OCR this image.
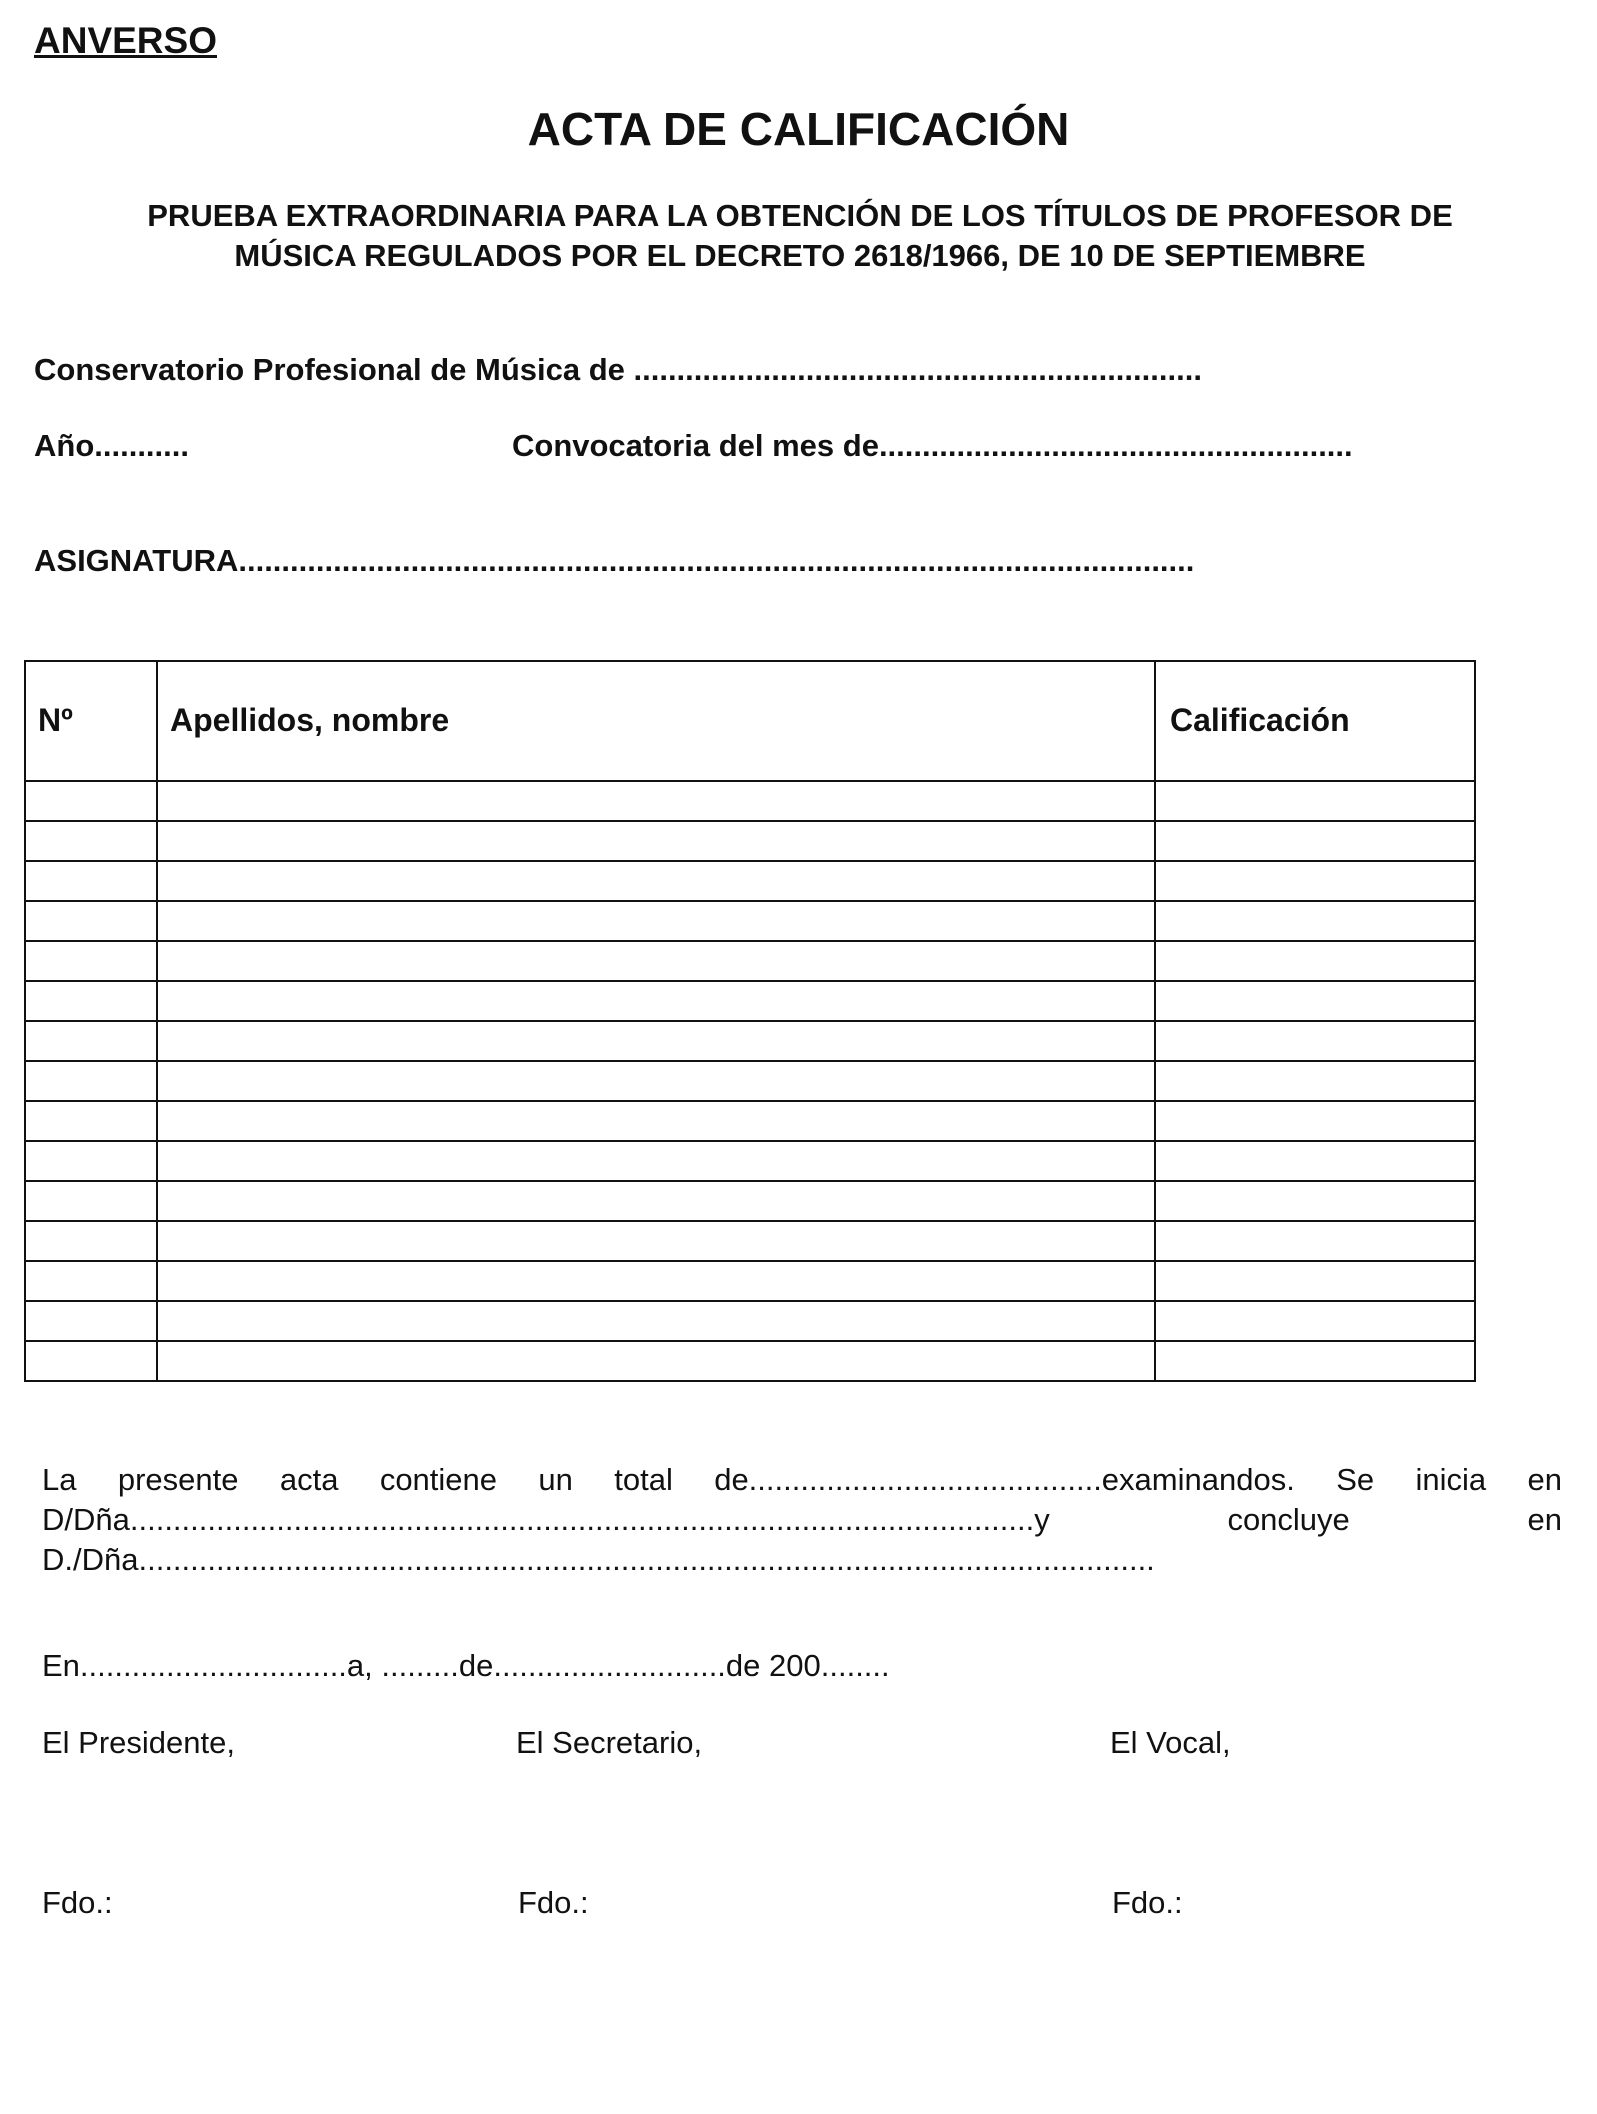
ANVERSO
ACTA DE CALIFICACIÓN
PRUEBA EXTRAORDINARIA PARA LA OBTENCIÓN DE LOS TÍTULOS DE PROFESOR DE
MÚSICA REGULADOS POR EL DECRETO 2618/1966, DE 10 DE SEPTIEMBRE
Conservatorio Profesional de Música de ..................................................................
Año...........	Convocatoria del mes de.......................................................
ASIGNATURA...............................................................................................................
Nº	Apellidos, nombre	Calificación
La presente acta contiene un total de.........................................examinandos. Se inicia en
D/Dña.........................................................................................................y	concluye	en
D./Dña......................................................................................................................
En...............................a, .........de...........................de 200........
El Presidente,	El Secretario,	El Vocal,
Fdo.:	Fdo.:	Fdo.:
